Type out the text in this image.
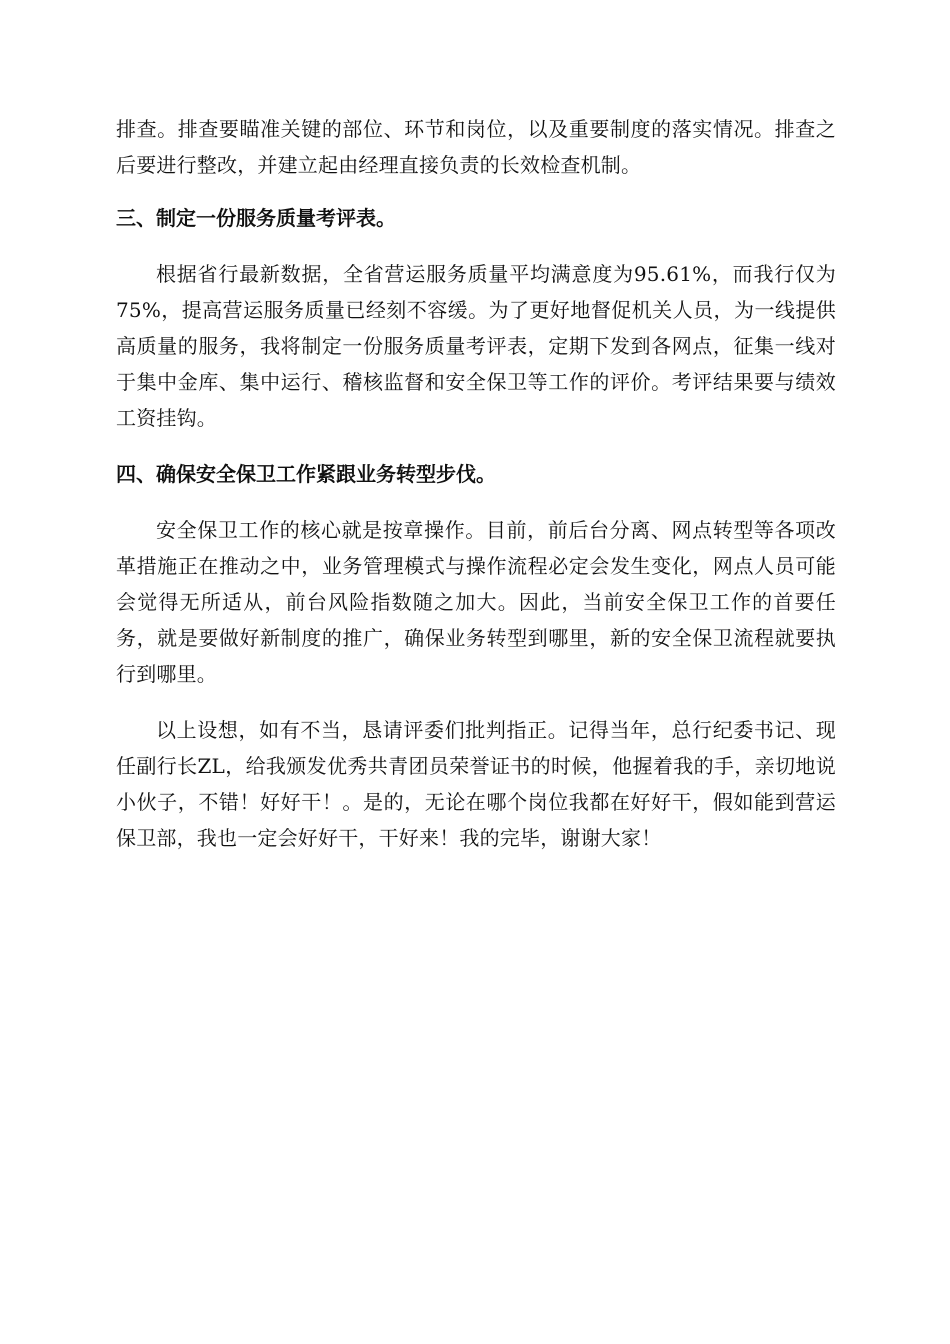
排查。排查要瞄准关键的部位、环节和岗位，以及重要制度的落实情况。排查之后要进行整改，并建立起由经理直接负责的长效检查机制。

三、制定一份服务质量考评表。

根据省行最新数据，全省营运服务质量平均满意度为95.61%，而我行仅为75%，提高营运服务质量已经刻不容缓。为了更好地督促机关人员，为一线提供高质量的服务，我将制定一份服务质量考评表，定期下发到各网点，征集一线对于集中金库、集中运行、稽核监督和安全保卫等工作的评价。考评结果要与绩效工资挂钩。

四、确保安全保卫工作紧跟业务转型步伐。

安全保卫工作的核心就是按章操作。目前，前后台分离、网点转型等各项改革措施正在推动之中，业务管理模式与操作流程必定会发生变化，网点人员可能会觉得无所适从，前台风险指数随之加大。因此，当前安全保卫工作的首要任务，就是要做好新制度的推广，确保业务转型到哪里，新的安全保卫流程就要执行到哪里。

以上设想，如有不当，恳请评委们批判指正。记得当年，总行纪委书记、现任副行长ZL，给我颁发优秀共青团员荣誉证书的时候，他握着我的手，亲切地说小伙子，不错！好好干！。是的，无论在哪个岗位我都在好好干，假如能到营运保卫部，我也一定会好好干，干好来！我的完毕，谢谢大家！
